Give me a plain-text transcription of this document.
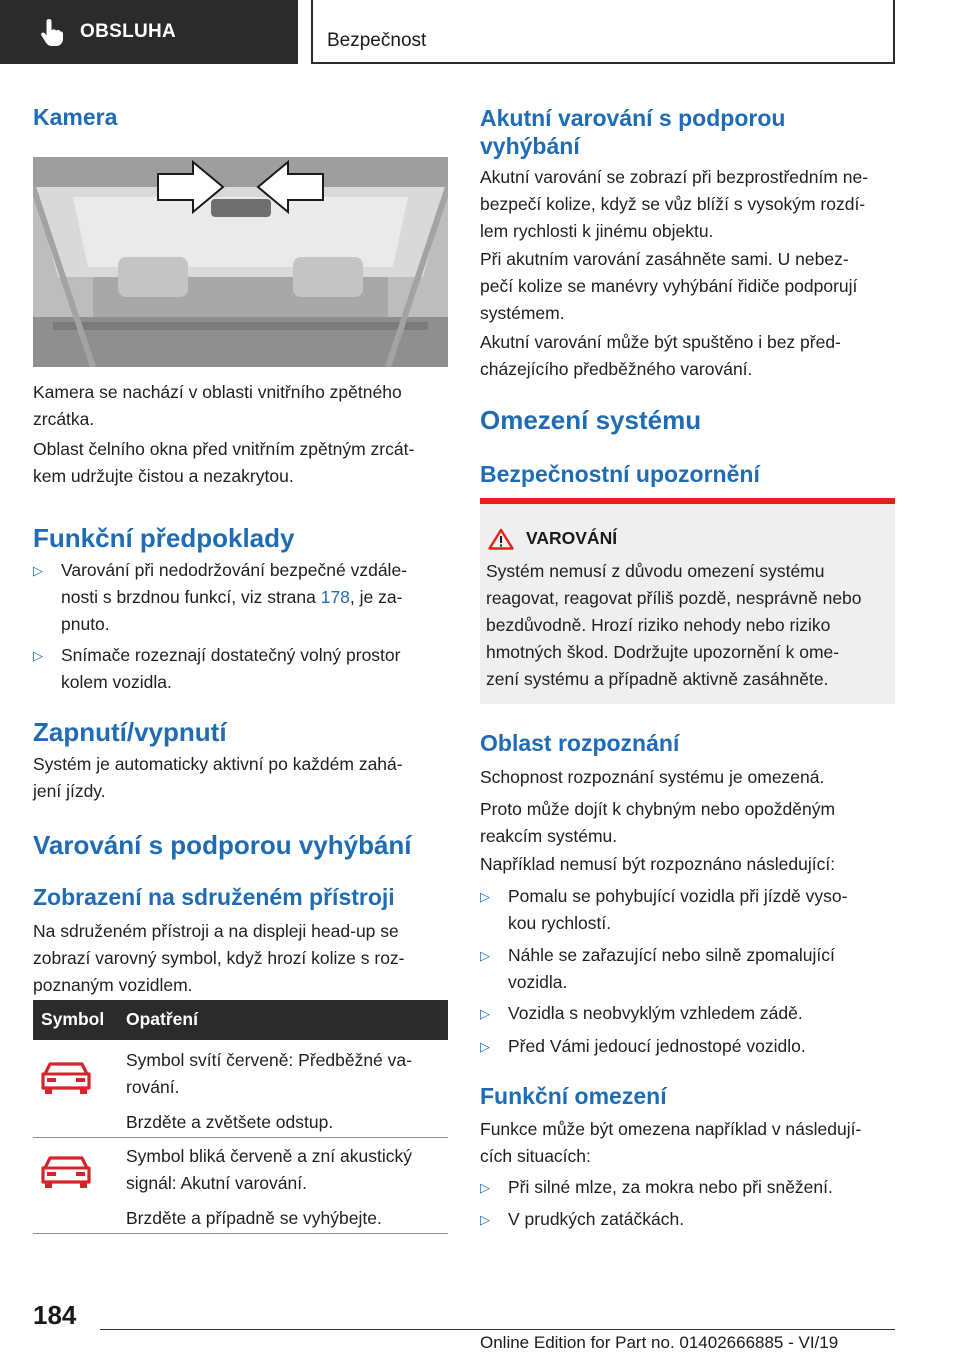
OBSLUHA	Bezpečnost
Kamera
Kamera se nachází v oblasti vnitřního zpětného
zrcátka.
Oblast čelního okna před vnitřním zpětným zrcát-
kem udržujte čistou a nezakrytou.
Funkční předpoklady
▷	Varování při nedodržování bezpečné vzdále-
nosti s brzdnou funkcí, viz strana 178, je za-
pnuto.
▷	Snímače rozeznají dostatečný volný prostor
kolem vozidla.
Zapnutí/vypnutí
Systém je automaticky aktivní po každém zahá-
jení jízdy.
Varování s podporou vyhýbání
Zobrazení na sdruženém přístroji
Na sdruženém přístroji a na displeji head-up se
zobrazí varovný symbol, když hrozí kolize s roz-
poznaným vozidlem.
Symbol Opatření
Symbol svítí červeně: Předběžné va-
rování.
Brzděte a zvětšete odstup.
Symbol bliká červeně a zní akustický
signál: Akutní varování.
Brzděte a případně se vyhýbejte.
Akutní varování s podporou
vyhýbání
Akutní varování se zobrazí při bezprostředním ne-
bezpečí kolize, když se vůz blíží s vysokým rozdí-
lem rychlosti k jinému objektu.
Při akutním varování zasáhněte sami. U nebez-
pečí kolize se manévry vyhýbání řidiče podporují
systémem.
Akutní varování může být spuštěno i bez před-
cházejícího předběžného varování.
Omezení systému
Bezpečnostní upozornění
VAROVÁNÍ
Systém nemusí z důvodu omezení systému
reagovat, reagovat příliš pozdě, nesprávně nebo
bezdůvodně. Hrozí riziko nehody nebo riziko
hmotných škod. Dodržujte upozornění k ome-
zení systému a případně aktivně zasáhněte.
Oblast rozpoznání
Schopnost rozpoznání systému je omezená.
Proto může dojít k chybným nebo opožděným
reakcím systému.
Například nemusí být rozpoznáno následující:
▷	Pomalu se pohybující vozidla při jízdě vyso-
kou rychlostí.
▷	Náhle se zařazující nebo silně zpomalující
vozidla.
▷	Vozidla s neobvyklým vzhledem zádě.
▷	Před Vámi jedoucí jednostopé vozidlo.
Funkční omezení
Funkce může být omezena například v následují-
cích situacích:
▷	Při silné mlze, za mokra nebo při sněžení.
▷	V prudkých zatáčkách.
184
Online Edition for Part no. 01402666885 - VI/19
